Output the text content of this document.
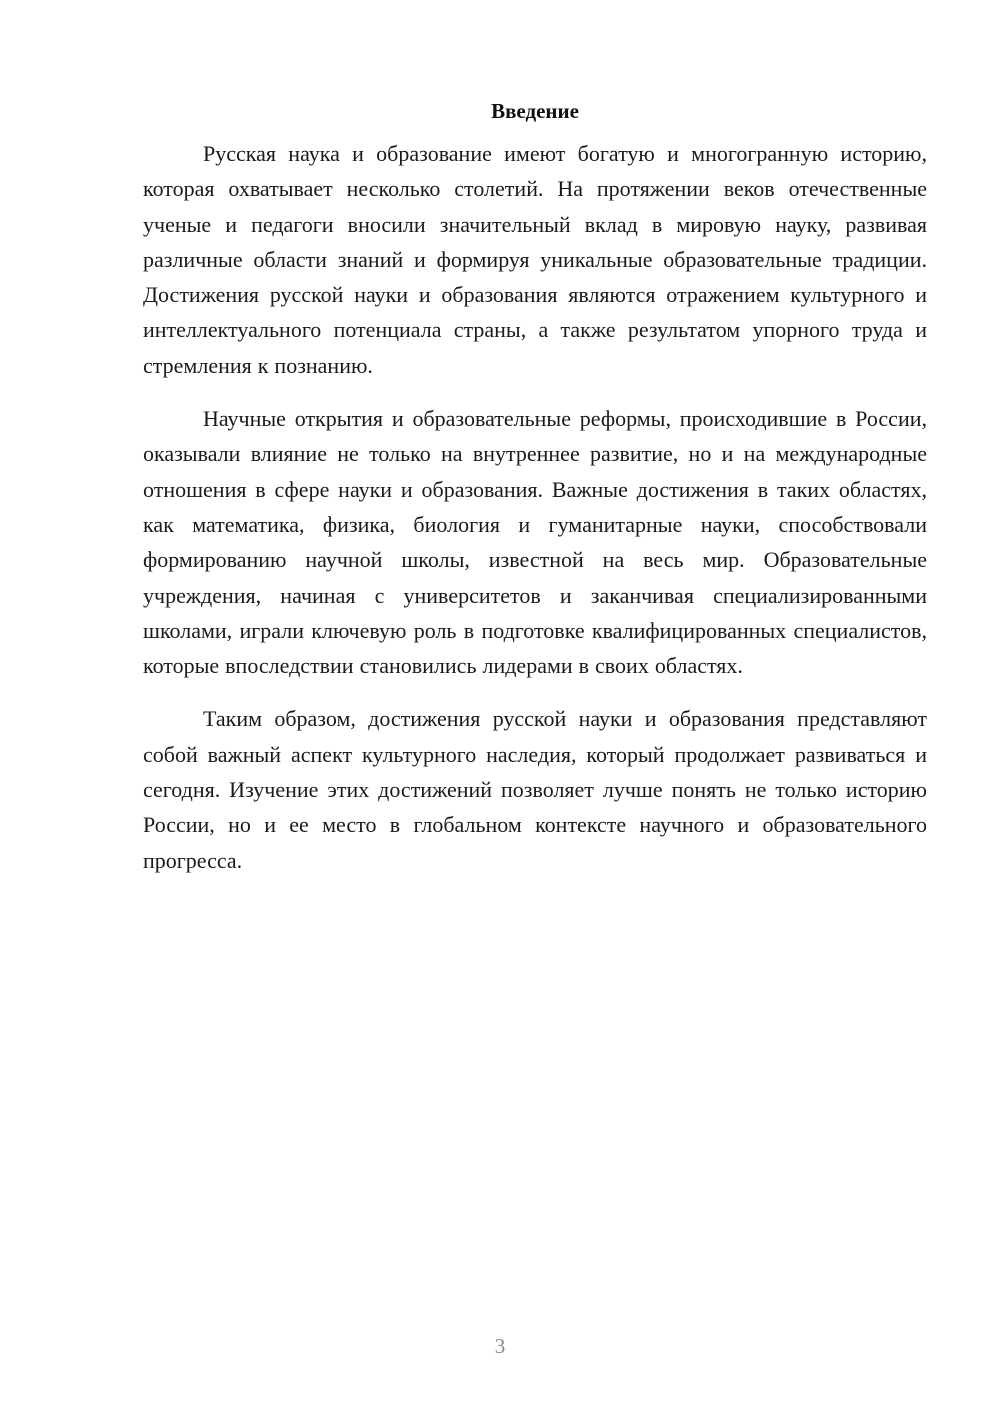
Введение

Русская наука и образование имеют богатую и многогранную историю, которая охватывает несколько столетий. На протяжении веков отечественные ученые и педагоги вносили значительный вклад в мировую науку, развивая различные области знаний и формируя уникальные образовательные традиции. Достижения русской науки и образования являются отражением культурного и интеллектуального потенциала страны, а также результатом упорного труда и стремления к познанию.

Научные открытия и образовательные реформы, происходившие в России, оказывали влияние не только на внутреннее развитие, но и на международные отношения в сфере науки и образования. Важные достижения в таких областях, как математика, физика, биология и гуманитарные науки, способствовали формированию научной школы, известной на весь мир. Образовательные учреждения, начиная с университетов и заканчивая специализированными школами, играли ключевую роль в подготовке квалифицированных специалистов, которые впоследствии становились лидерами в своих областях.

Таким образом, достижения русской науки и образования представляют собой важный аспект культурного наследия, который продолжает развиваться и сегодня. Изучение этих достижений позволяет лучше понять не только историю России, но и ее место в глобальном контексте научного и образовательного прогресса.

3
